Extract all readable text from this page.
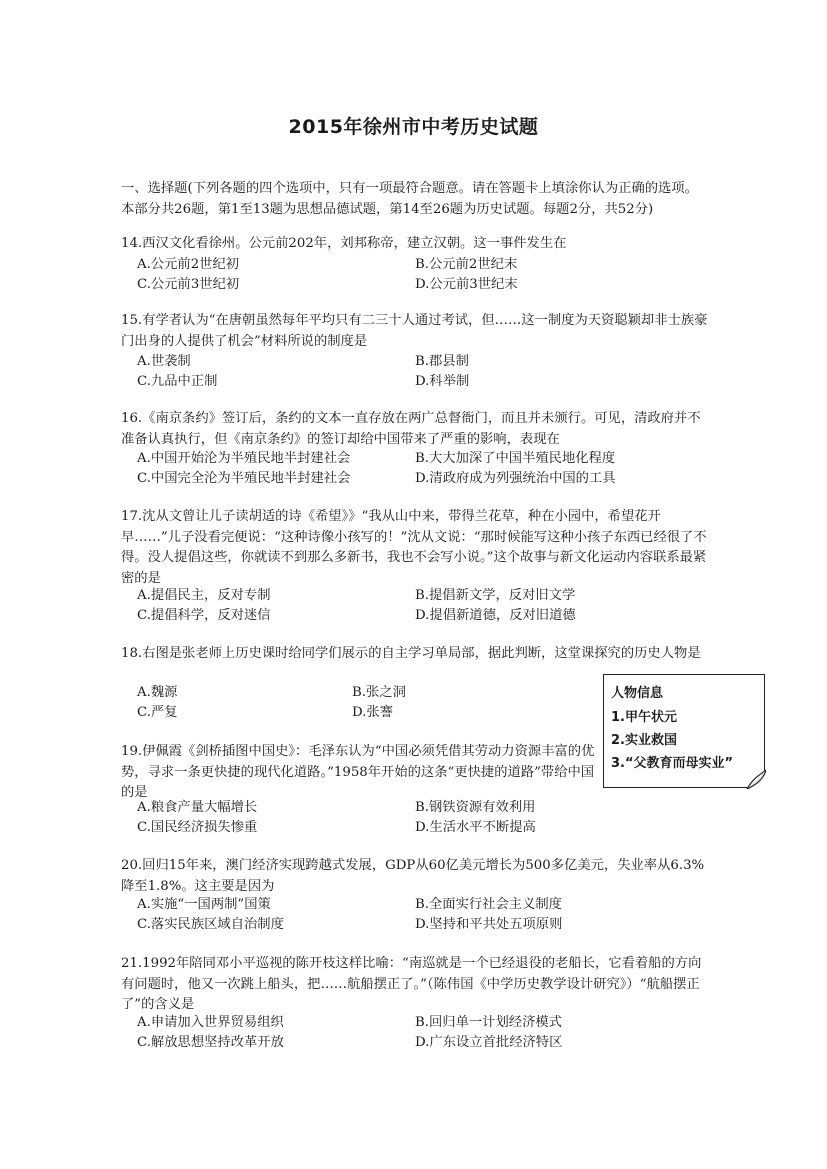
2015年徐州市中考历史试题

一、选择题(下列各题的四个选项中，只有一项最符合题意。请在答题卡上填涂你认为正确的选项。本部分共26题，第1至13题为思想品德试题，第14至26题为历史试题。每题2分，共52分)

14.西汉文化看徐州。公元前202年，刘邦称帝，建立汉朝。这一事件发生在

A.公元前2世纪初	B.公元前2世纪末
C.公元前3世纪初	D.公元前3世纪末

15.有学者认为“在唐朝虽然每年平均只有二三十人通过考试，但……这一制度为天资聪颖却非士族豪门出身的人提供了机会”材料所说的制度是

A.世袭制	B.郡县制
C.九品中正制	D.科举制

16.《南京条约》签订后，条约的文本一直存放在两广总督衙门，而且并未颁行。可见，清政府并不准备认真执行，但《南京条约》的签订却给中国带来了严重的影响，表现在

A.中国开始沦为半殖民地半封建社会	B.大大加深了中国半殖民地化程度
C.中国完全沦为半殖民地半封建社会	D.清政府成为列强统治中国的工具

17.沈从文曾让儿子读胡适的诗《希望》》“我从山中来，带得兰花草，种在小园中，希望花开早……”儿子没看完便说：“这种诗像小孩写的！”沈从文说：“那时候能写这种小孩子东西已经很了不得。没人提倡这些，你就读不到那么多新书，我也不会写小说。”这个故事与新文化运动内容联系最紧密的是

A.提倡民主，反对专制	B.提倡新文学，反对旧文学
C.提倡科学，反对迷信	D.提倡新道德，反对旧道德

18.右图是张老师上历史课时给同学们展示的自主学习单局部，据此判断，这堂课探究的历史人物是

A.魏源	B.张之洞
C.严复	D.张謇
人物信息
1.甲午状元
2.实业救国
3.“父教育而母实业”

19.伊佩霞《剑桥插图中国史》：毛泽东认为“中国必须凭借其劳动力资源丰富的优势，寻求一条更快捷的现代化道路。”1958年开始的这条“更快捷的道路”带给中国的是

A.粮食产量大幅增长	B.钢铁资源有效利用
C.国民经济损失惨重	D.生活水平不断提高

20.回归15年来，澳门经济实现跨越式发展，GDP从60亿美元增长为500多亿美元，失业率从6.3%降至1.8%。这主要是因为

A.实施“一国两制”国策	B.全面实行社会主义制度
C.落实民族区域自治制度	D.坚持和平共处五项原则

21.1992年陪同邓小平巡视的陈开枝这样比喻：“南巡就是一个已经退役的老船长，它看着船的方向有问题时，他又一次跳上船头，把……航船摆正了。”（陈伟国《中学历史教学设计研究》）“航船摆正了”的含义是

A.申请加入世界贸易组织	B.回归单一计划经济模式
C.解放思想坚持改革开放	D.广东设立首批经济特区
